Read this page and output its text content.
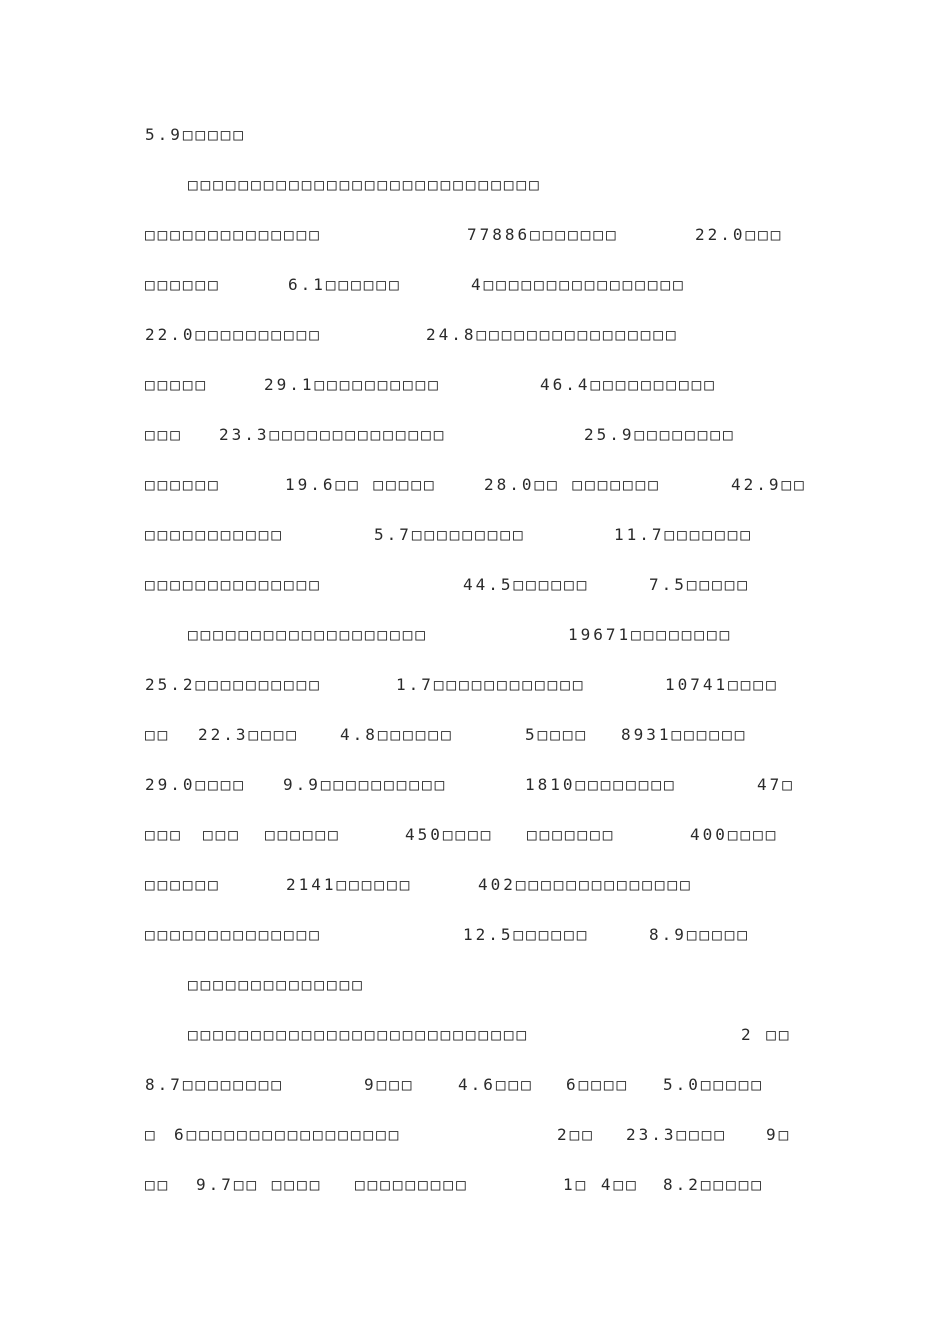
5.9□□□□□
□□□□□□□□□□□□□□□□□□□□□□□□□□□□
□□□□□□□□□□□□□□	77886□□□□□□□	22.0□□□
□□□□□□	6.1□□□□□□	4□□□□□□□□□□□□□□□□
22.0□□□□□□□□□□	24.8□□□□□□□□□□□□□□□□
□□□□□	29.1□□□□□□□□□□	46.4□□□□□□□□□□
□□□ 23.3□□□□□□□□□□□□□□	25.9□□□□□□□□
□□□□□□	19.6□□ □□□□□	28.0□□ □□□□□□□	42.9□□
□□□□□□□□□□□	5.7□□□□□□□□□	11.7□□□□□□□
□□□□□□□□□□□□□□	44.5□□□□□□	7.5□□□□□
□□□□□□□□□□□□□□□□□□□	19671□□□□□□□□
25.2□□□□□□□□□□	1.7□□□□□□□□□□□□	10741□□□□
□□ 22.3□□□□	4.8□□□□□□	5□□□□ 8931□□□□□□
29.0□□□□ 9.9□□□□□□□□□□	1810□□□□□□□□	47□
□□□ □□□ □□□□□□	450□□□□ □□□□□□□	400□□□□
□□□□□□	2141□□□□□□	402□□□□□□□□□□□□□□
□□□□□□□□□□□□□□	12.5□□□□□□	8.9□□□□□
□□□□□□□□□□□□□□
□□□□□□□□□□□□□□□□□□□□□□□□□□□	2 □□
8.7□□□□□□□□	9□□□	4.6□□□ 6□□□□ 5.0□□□□□
□ 6□□□□□□□□□□□□□□□□□	2□□ 23.3□□□□ 9□
□□ 9.7□□ □□□□ □□□□□□□□□	1□ 4□□ 8.2□□□□□
